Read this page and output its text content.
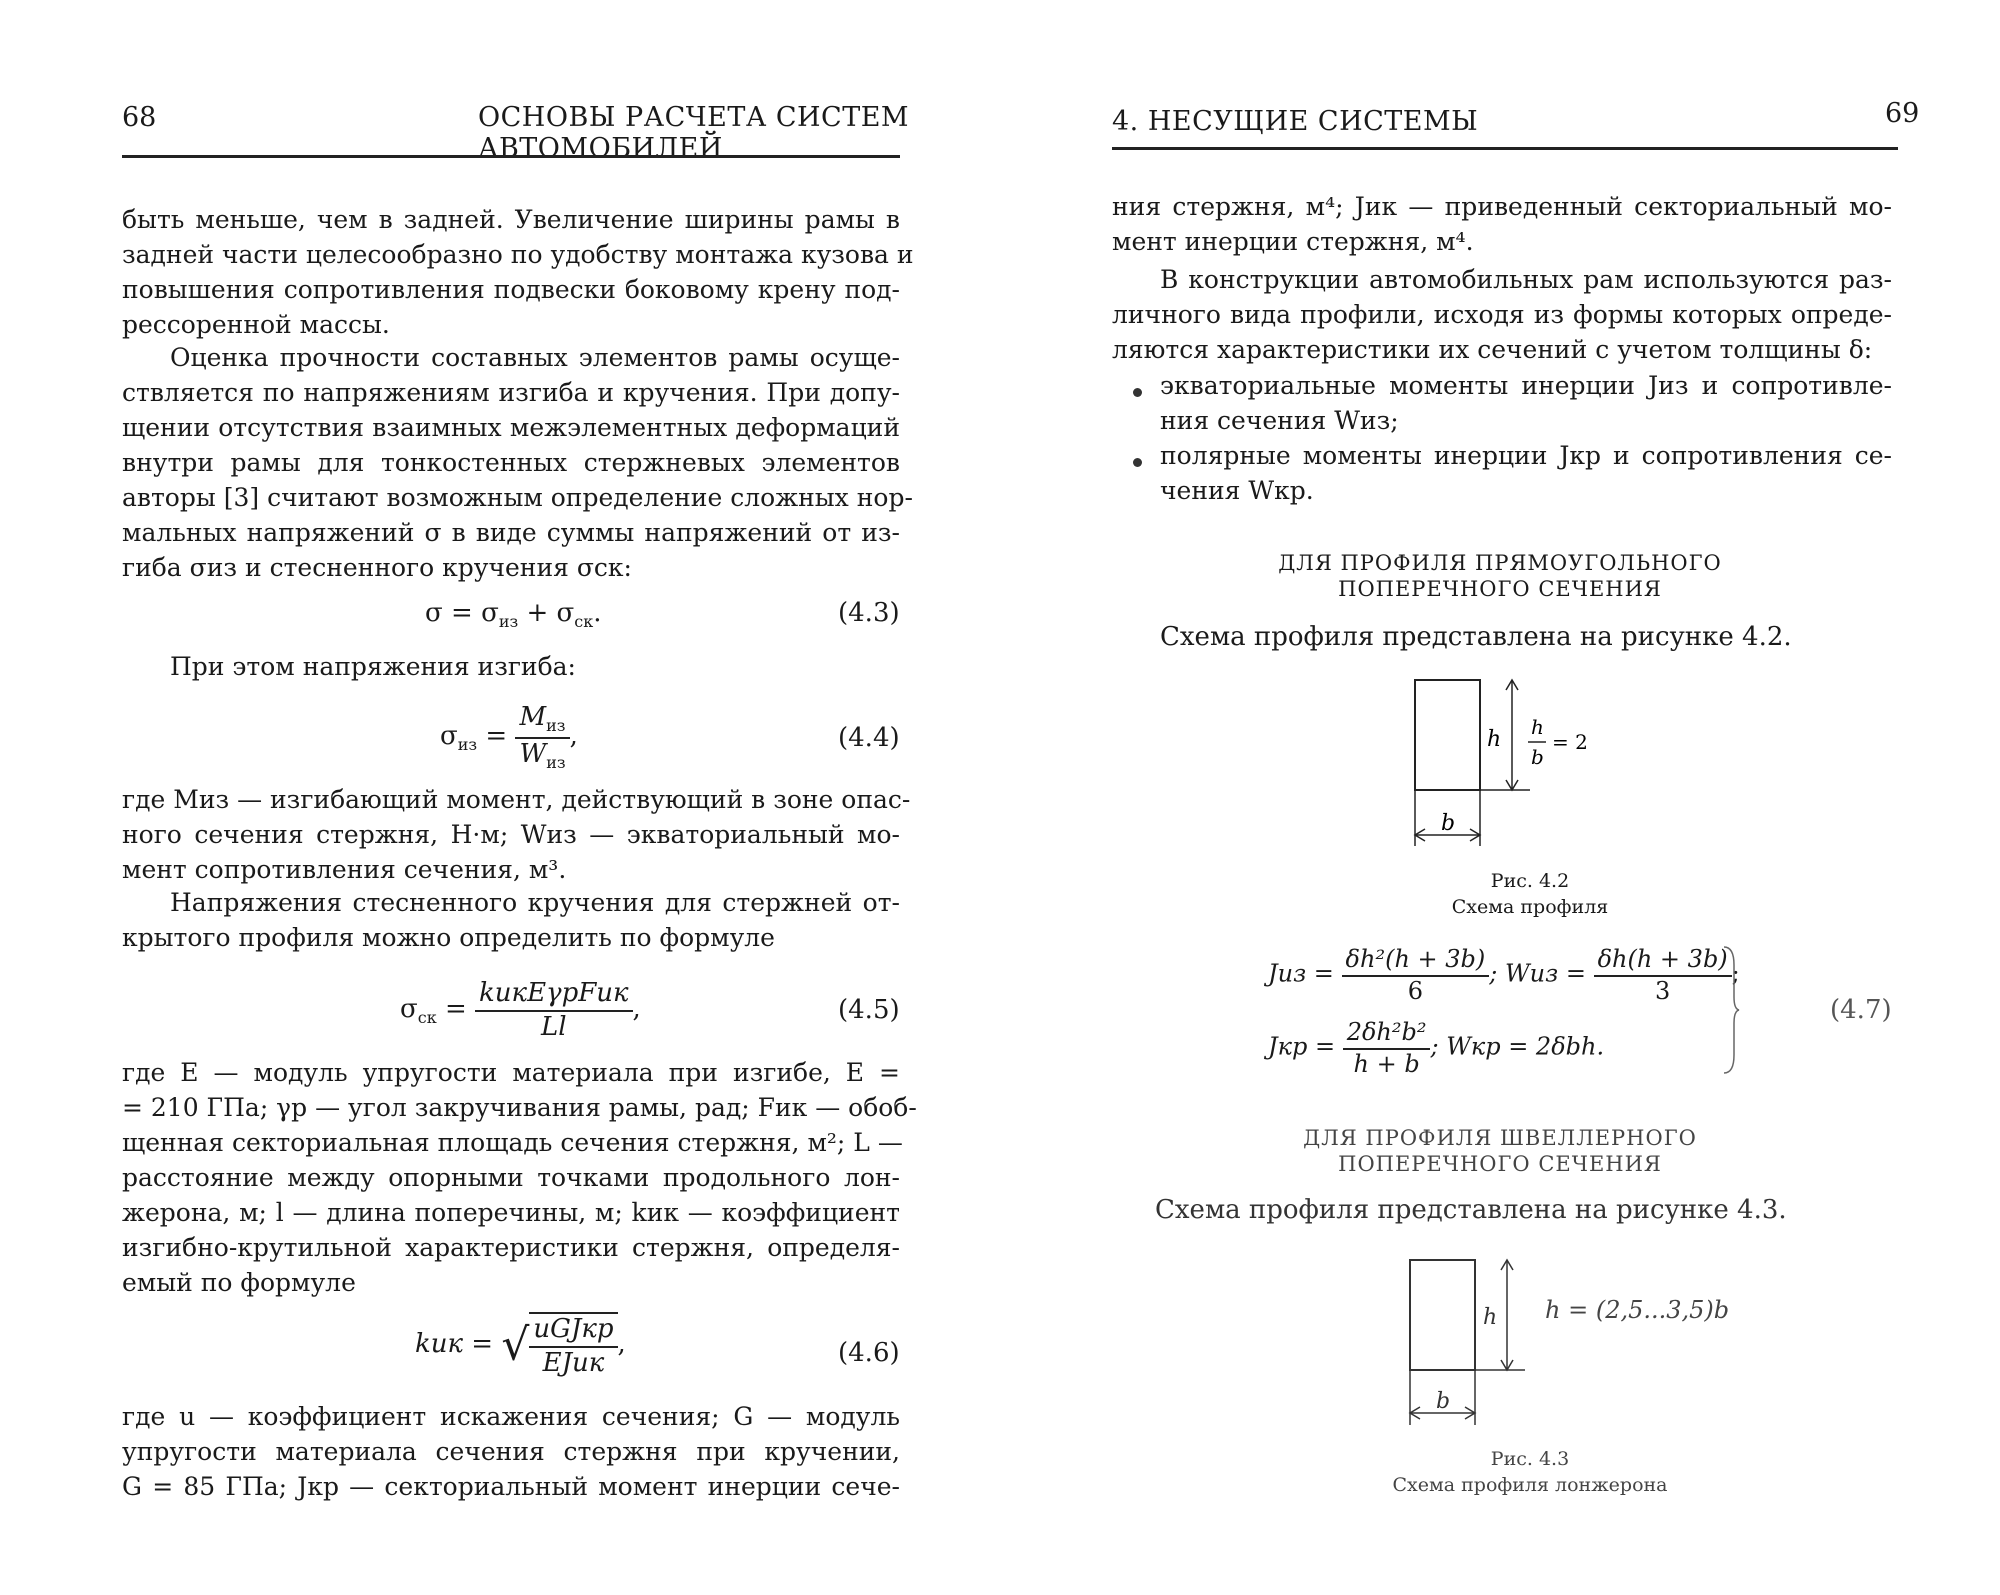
68	ОСНОВЫ РАСЧЕТА СИСТЕМ АВТОМОБИЛЕЙ
быть меньше, чем в задней. Увеличение ширины рамы в
задней части целесообразно по удобству монтажа кузова и
повышения сопротивления подвески боковому крену под-
рессоренной массы.
Оценка прочности составных элементов рамы осуще-
ствляется по напряжениям изгиба и кручения. При допу-
щении отсутствия взаимных межэлементных деформаций
внутри рамы для тонкостенных стержневых элементов
авторы [3] считают возможным определение сложных нор-
мальных напряжений σ в виде суммы напряжений от из-
гиба σиз и стесненного кручения σск:
$\sigma = \sigma_{из} + \sigma_{ск}$.	(4.3)
При этом напряжения изгиба:
$\sigma_{из} = \frac{M_{из}}{W_{из}}$ ,	(4.4)
где Mиз — изгибающий момент, действующий в зоне опас-
ного сечения стержня, Н·м; Wиз — экваториальный мо-
мент сопротивления сечения, м³.
Напряжения стесненного кручения для стержней от-
крытого профиля можно определить по формуле
$\sigma_{ск} = \frac{\text{kикEγрFик}}{Ll}$ ,	(4.5)
где E — модуль упругости материала при изгибе, E =
= 210 ГПа; γр — угол закручивания рамы, рад; Fик — обоб-
щенная секториальная площадь сечения стержня, м²; L —
расстояние между опорными точками продольного лон-
жерона, м; l — длина поперечины, м; kик — коэффициент
изгибно-крутильной характеристики стержня, определя-
емый по формуле
kик = √ $\frac{\text{uGJкр}}{\text{EJик}}$ ,	(4.6)
где u — коэффициент искажения сечения; G — модуль
упругости материала сечения стержня при кручении,
G = 85 ГПа; Jкр — секториальный момент инерции сече-
69
4. НЕСУЩИЕ СИСТЕМЫ
ния стержня, м⁴; Jик — приведенный секториальный мо-
мент инерции стержня, м⁴.
В конструкции автомобильных рам используются раз-
личного вида профили, исходя из формы которых опреде-
ляются характеристики их сечений с учетом толщины δ:
экваториальные моменты инерции Jиз и сопротивле-
ния сечения Wиз;
полярные моменты инерции Jкр и сопротивления се-
чения Wкр.
ДЛЯ ПРОФИЛЯ ПРЯМОУГОЛЬНОГО
ПОПЕРЕЧНОГО СЕЧЕНИЯ
Схема профиля представлена на рисунке 4.2.
h
b
h
b
= 2
Рис. 4.2
Схема профиля
Jиз = $\frac{\text{δh²(h + 3b)}}{6}$ ; Wиз = $\frac{\delta h(h + 3b)}{3}$ ;
Jкр = $\frac{\text{2δh²b²}}{h + b}$ ; Wкр = 2δbh.
(4.7)
ДЛЯ ПРОФИЛЯ ШВЕЛЛЕРНОГО
ПОПЕРЕЧНОГО СЕЧЕНИЯ
Схема профиля представлена на рисунке 4.3.
h
b
h = (2,5...3,5)b
Рис. 4.3
Схема профиля лонжерона
